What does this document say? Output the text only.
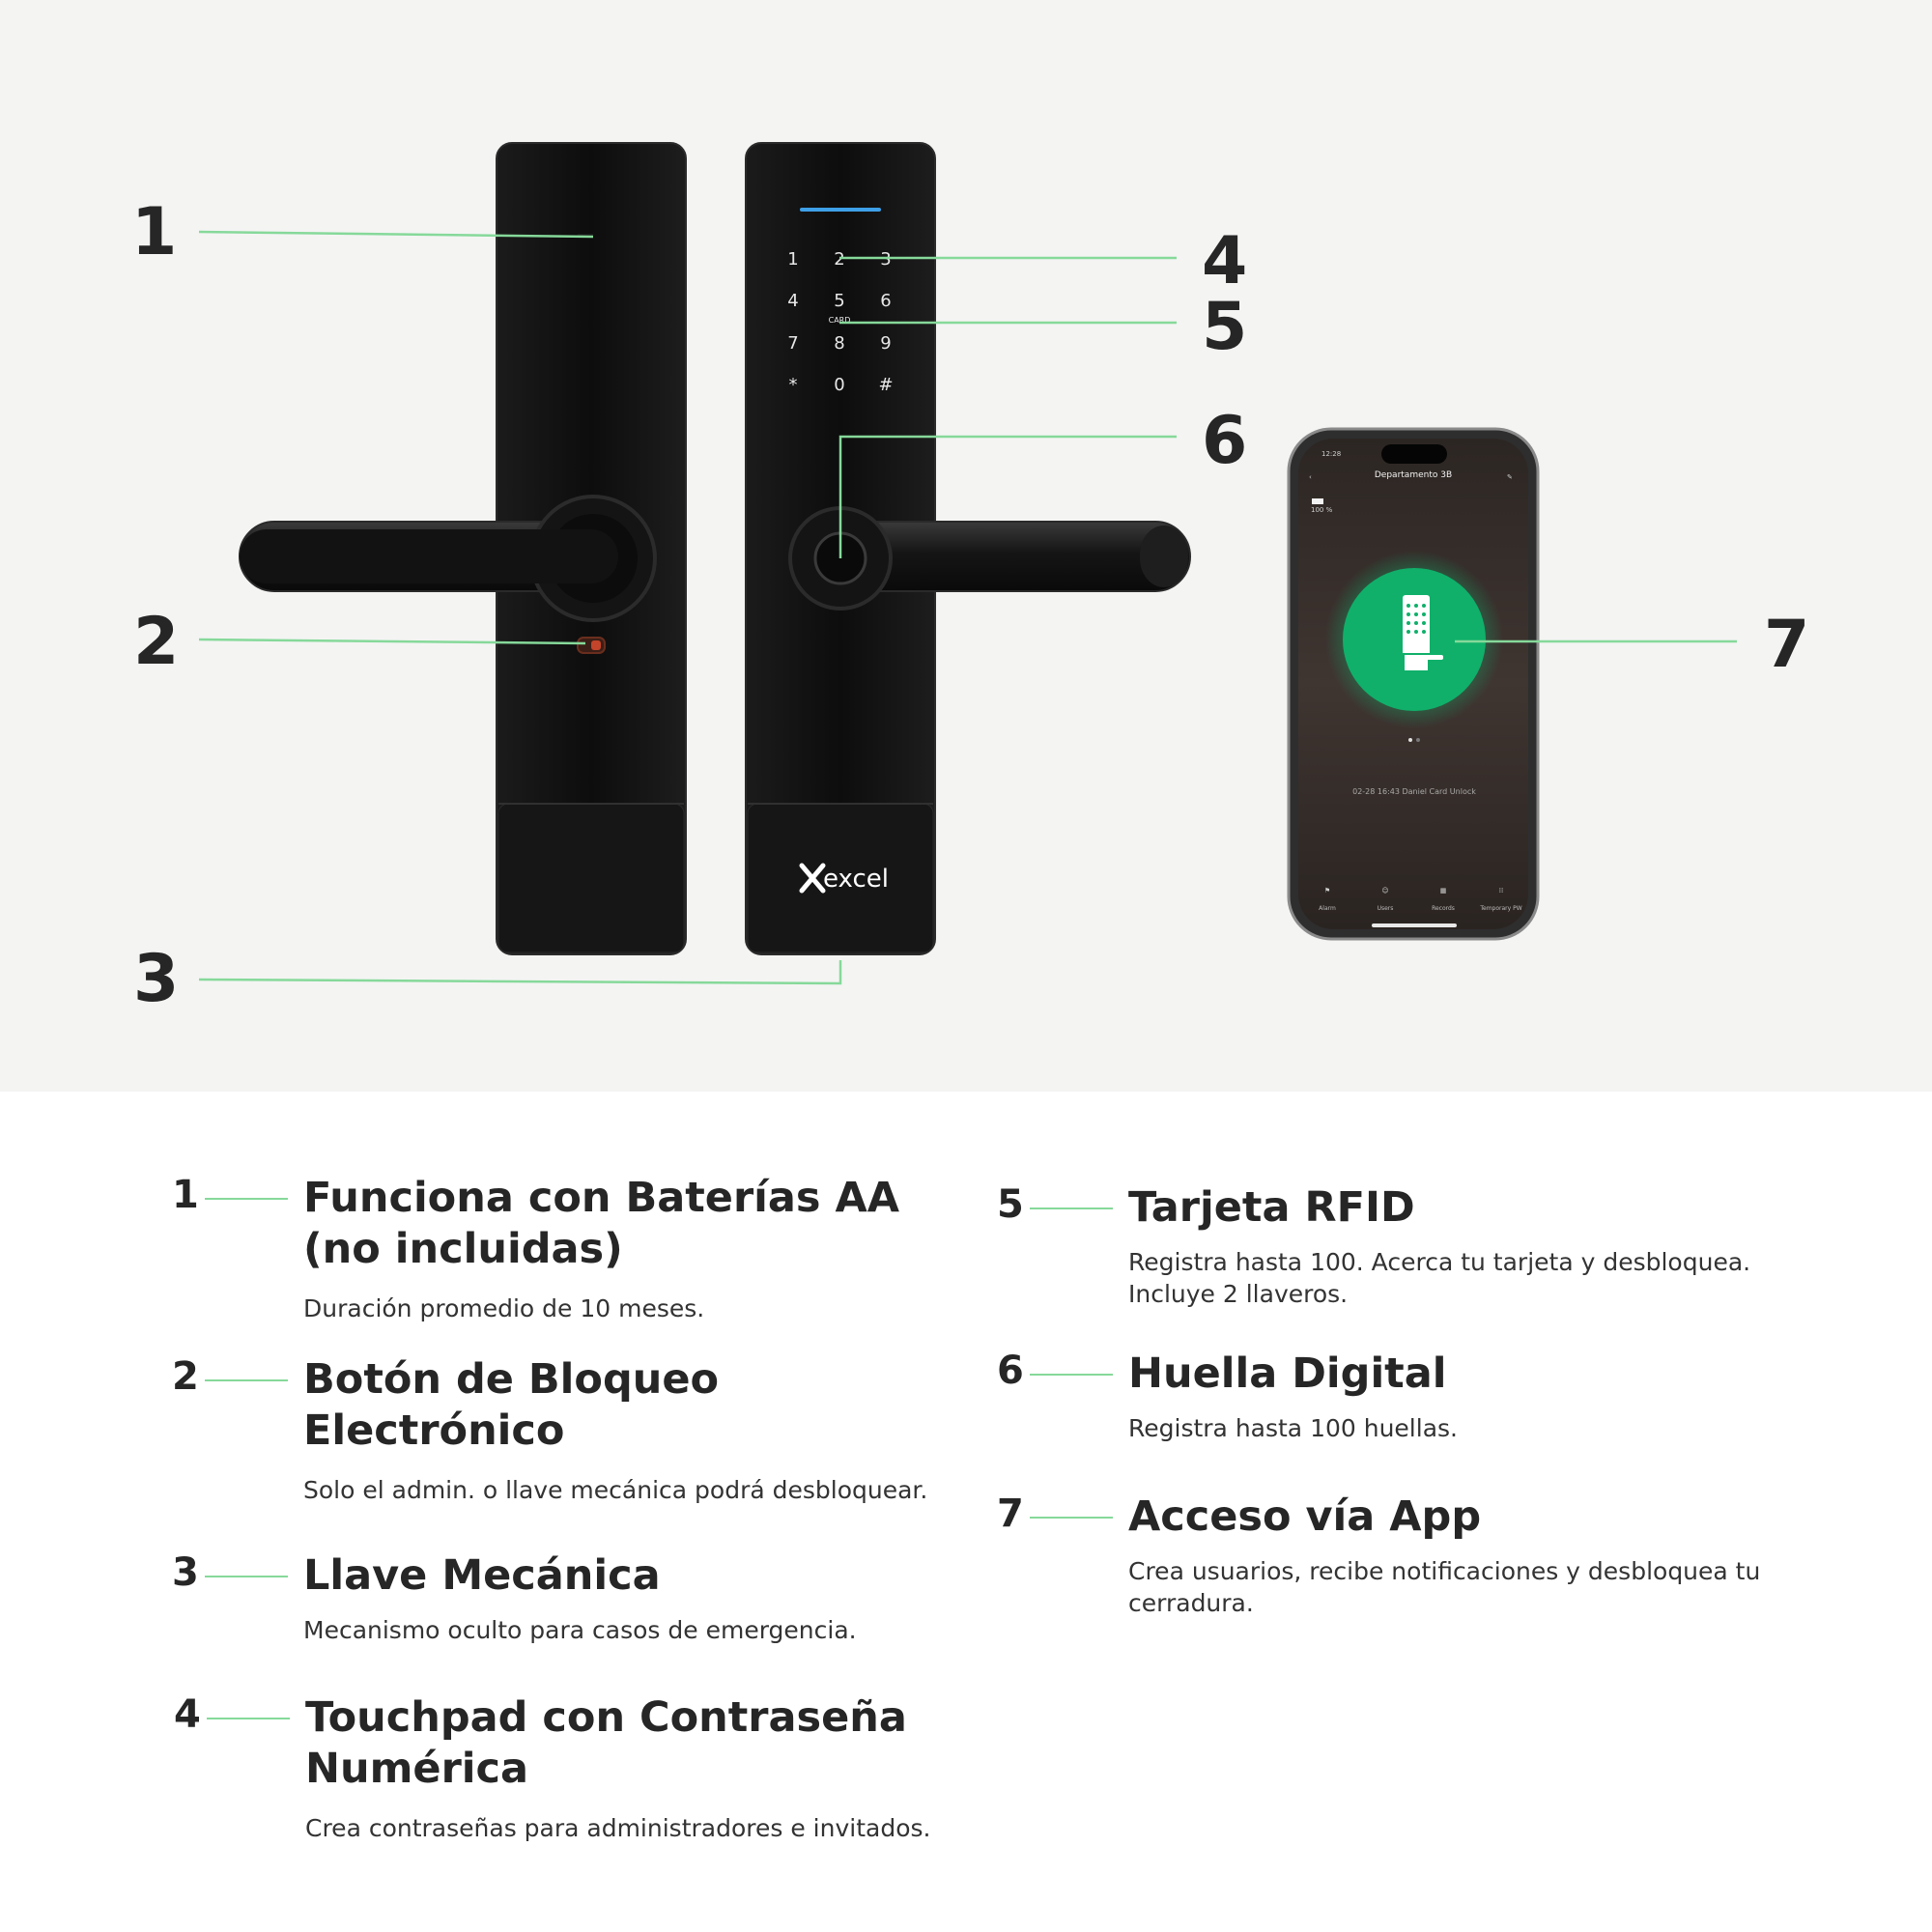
1 2 3
4 5 6
7 8 9
* 0 #
CARD
excel
12:28
‹	Departamento 3B	✎
100 %
02-28 16:43 Daniel Card Unlock
⚑	☺	▦	⁞⁞
Alarm	Users	Records	Temporary PW
1
2
3
4
5
6
7
1	Funciona con Baterías AA (no incluidas)
Duración promedio de 10 meses.
2	Botón de Bloqueo Electrónico
Solo el admin. o llave mecánica podrá desbloquear.
3	Llave Mecánica
Mecanismo oculto para casos de emergencia.
4	Touchpad con Contraseña Numérica
Crea contraseñas para administradores e invitados.
5	Tarjeta RFID
Registra hasta 100. Acerca tu tarjeta y desbloquea. Incluye 2 llaveros.
6	Huella Digital
Registra hasta 100 huellas.
7	Acceso vía App
Crea usuarios, recibe notificaciones y desbloquea tu cerradura.
